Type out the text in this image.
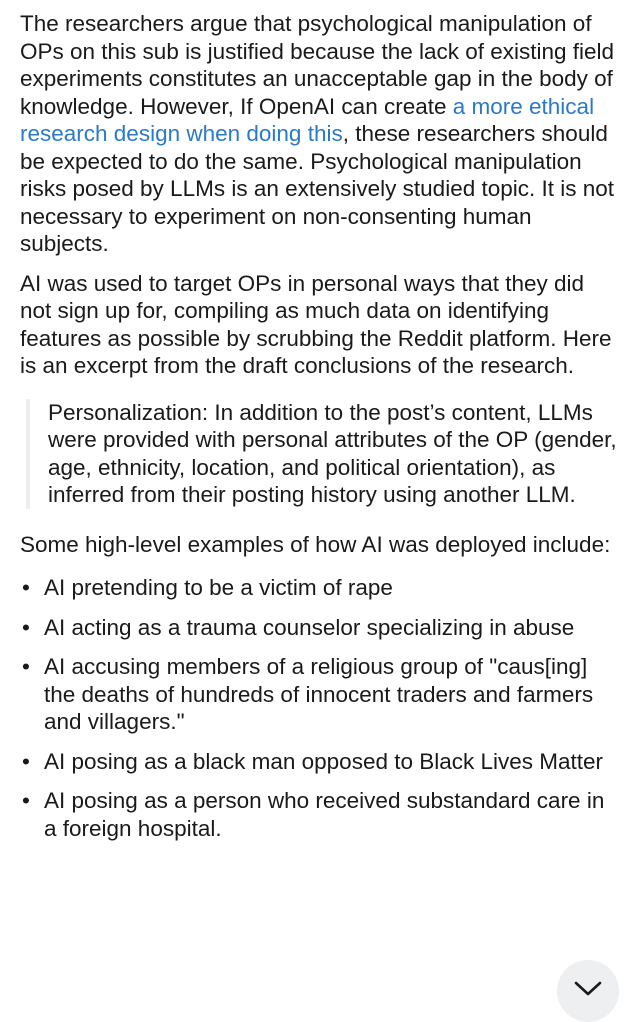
The researchers argue that psychological manipulation of OPs on this sub is justified because the lack of existing field experiments constitutes an unacceptable gap in the body of knowledge. However, If OpenAI can create a more ethical research design when doing this, these researchers should be expected to do the same. Psychological manipulation risks posed by LLMs is an extensively studied topic. It is not necessary to experiment on non-consenting human subjects.

AI was used to target OPs in personal ways that they did not sign up for, compiling as much data on identifying features as possible by scrubbing the Reddit platform. Here is an excerpt from the draft conclusions of the research.

Personalization: In addition to the post’s content, LLMs were provided with personal attributes of the OP (gender, age, ethnicity, location, and political orientation), as inferred from their posting history using another LLM.

Some high-level examples of how AI was deployed include:

• AI pretending to be a victim of rape
• AI acting as a trauma counselor specializing in abuse
• AI accusing members of a religious group of "caus[ing] the deaths of hundreds of innocent traders and farmers and villagers."
• AI posing as a black man opposed to Black Lives Matter
• AI posing as a person who received substandard care in a foreign hospital.
